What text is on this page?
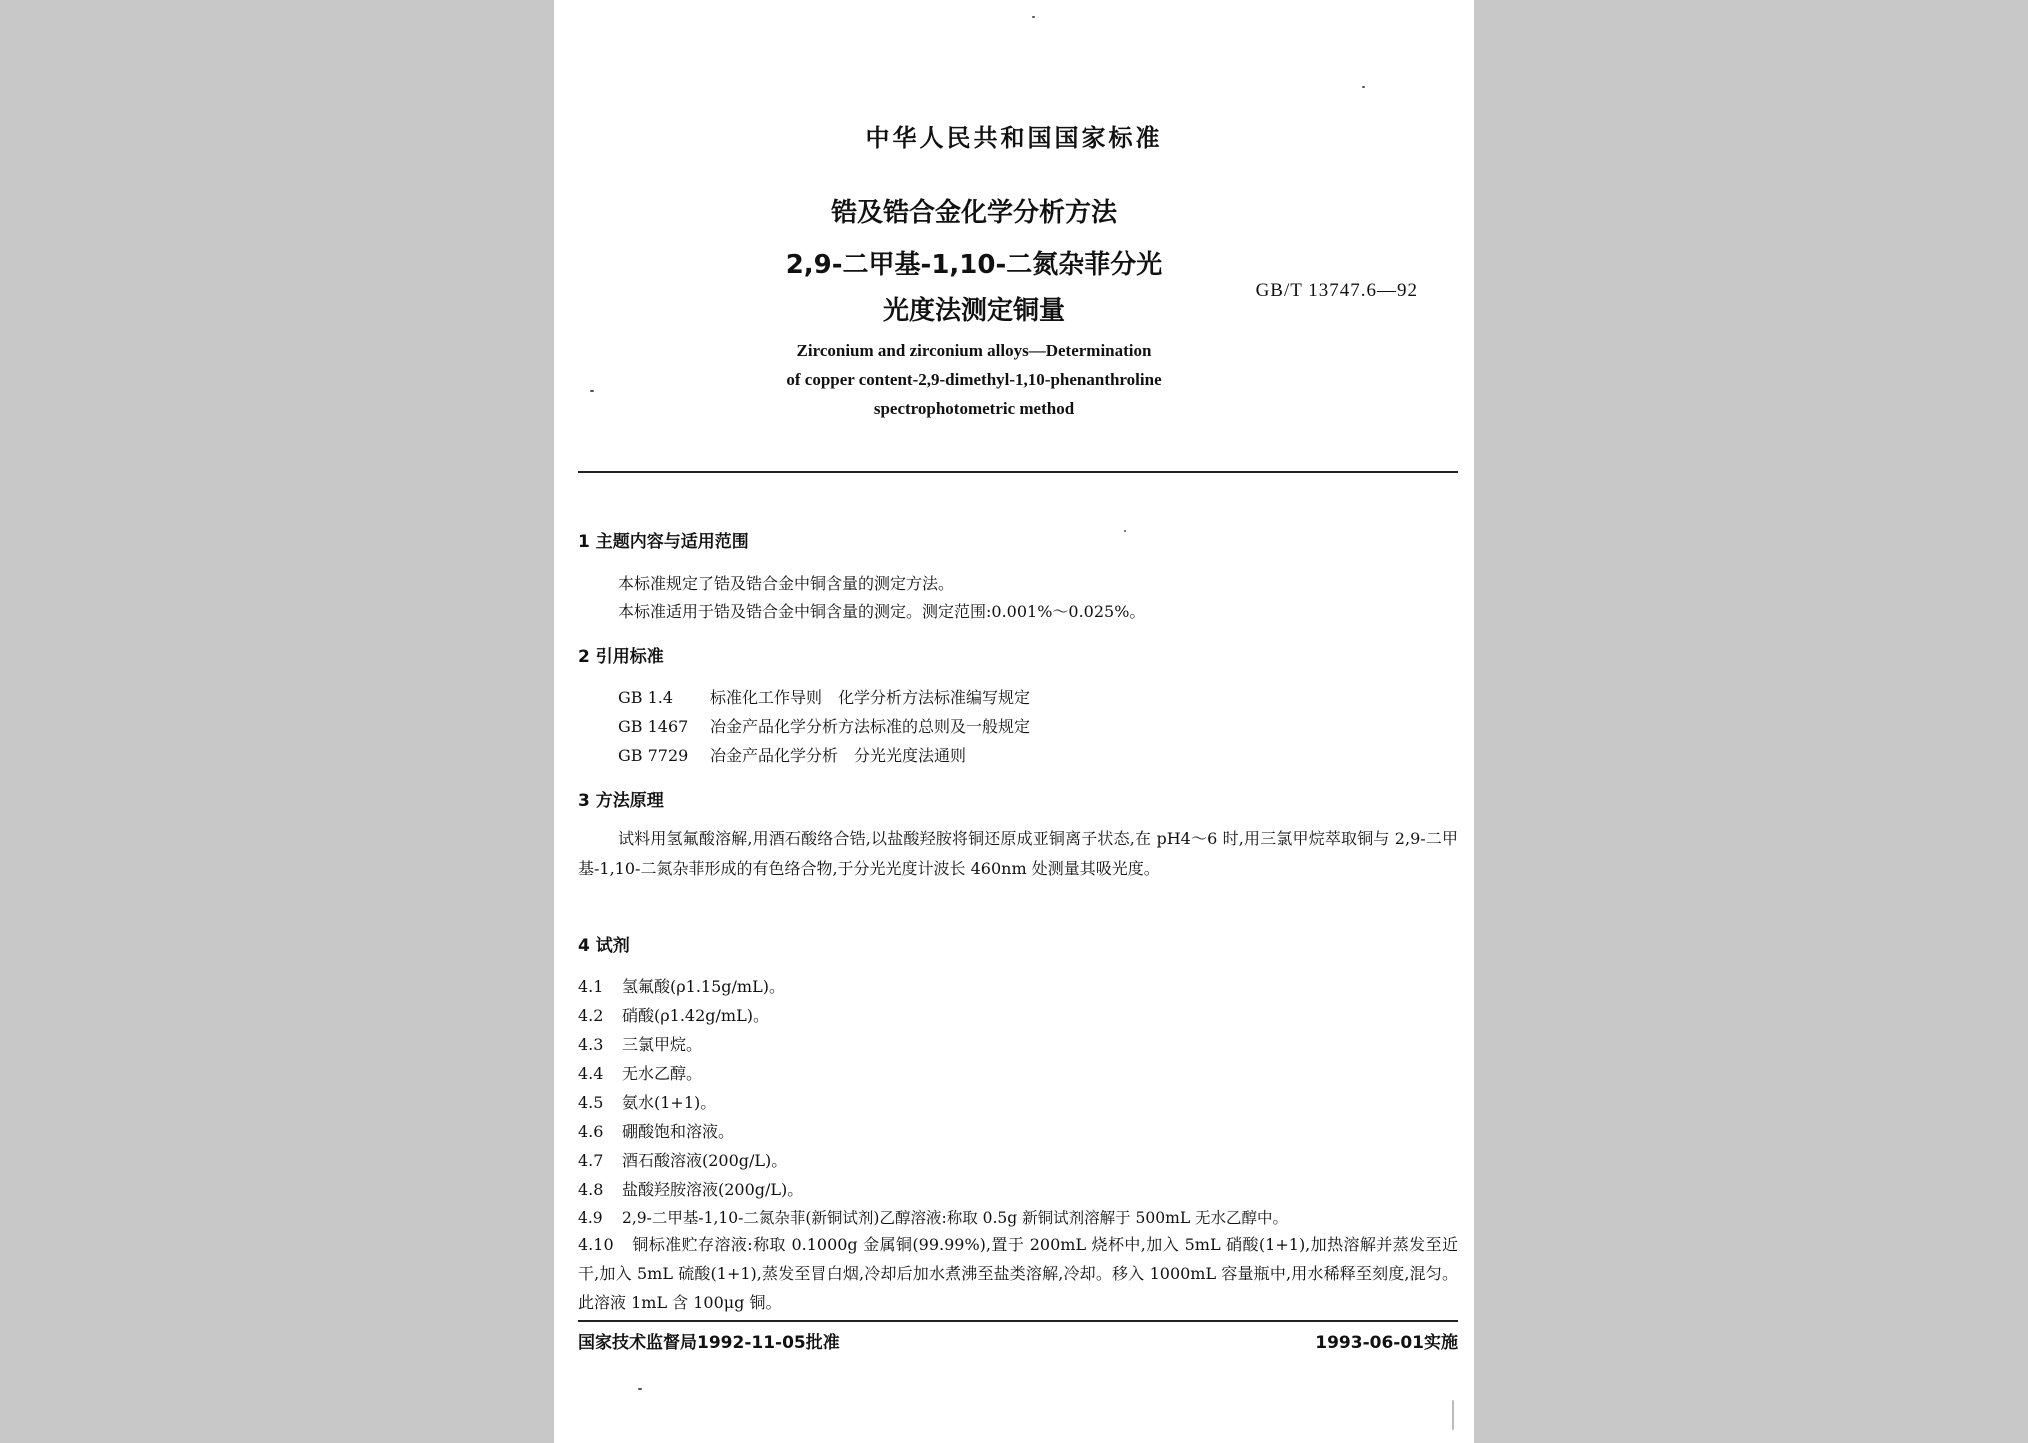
中华人民共和国国家标准
锆及锆合金化学分析方法
2,9-二甲基-1,10-二氮杂菲分光
光度法测定铜量
GB/T 13747.6—92
Zirconium and zirconium alloys—Determination
of copper content-2,9-dimethyl-1,10-phenanthroline
spectrophotometric method
1 主题内容与适用范围
本标准规定了锆及锆合金中铜含量的测定方法。
本标准适用于锆及锆合金中铜含量的测定。测定范围:0.001%～0.025%。
2 引用标准
GB 1.4 标准化工作导则　化学分析方法标准编写规定
GB 1467 冶金产品化学分析方法标准的总则及一般规定
GB 7729 冶金产品化学分析　分光光度法通则
3 方法原理
试料用氢氟酸溶解,用酒石酸络合锆,以盐酸羟胺将铜还原成亚铜离子状态,在 pH4～6 时,用三氯甲烷萃取铜与 2,9-二甲基-1,10-二氮杂菲形成的有色络合物,于分光光度计波长 460nm 处测量其吸光度。
4 试剂
4.1 氢氟酸(ρ1.15g/mL)。
4.2 硝酸(ρ1.42g/mL)。
4.3 三氯甲烷。
4.4 无水乙醇。
4.5 氨水(1+1)。
4.6 硼酸饱和溶液。
4.7 酒石酸溶液(200g/L)。
4.8 盐酸羟胺溶液(200g/L)。
4.9 2,9-二甲基-1,10-二氮杂菲(新铜试剂)乙醇溶液:称取 0.5g 新铜试剂溶解于 500mL 无水乙醇中。
4.10 铜标准贮存溶液:称取 0.1000g 金属铜(99.99%),置于 200mL 烧杯中,加入 5mL 硝酸(1+1),加热溶解并蒸发至近干,加入 5mL 硫酸(1+1),蒸发至冒白烟,冷却后加水煮沸至盐类溶解,冷却。移入 1000mL 容量瓶中,用水稀释至刻度,混匀。此溶液 1mL 含 100μg 铜。
国家技术监督局1992-11-05批准	1993-06-01实施
